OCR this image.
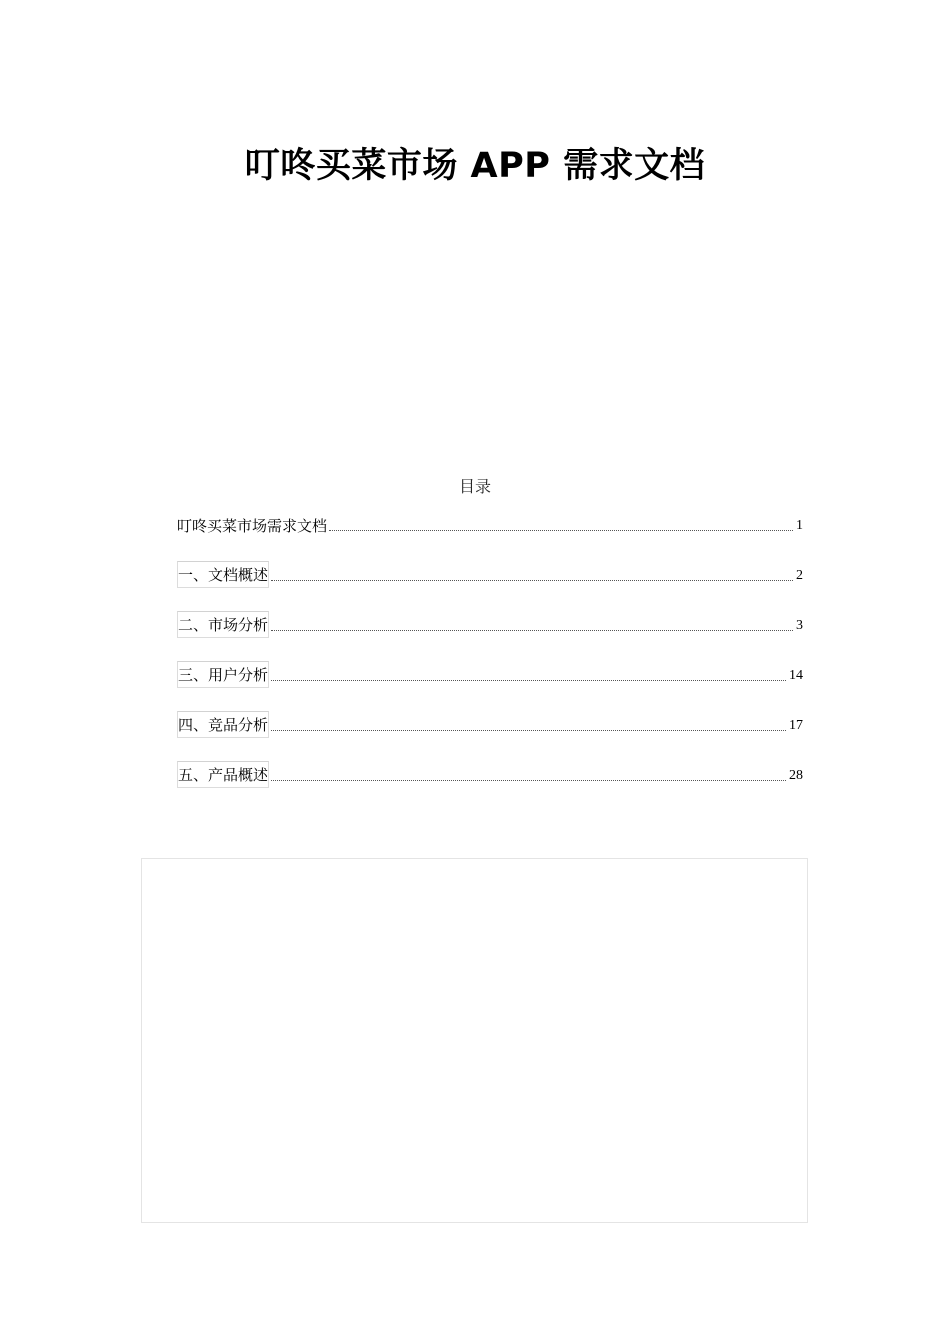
叮咚买菜市场 APP 需求文档
目录
叮咚买菜市场需求文档	1
一、文档概述	2
二、市场分析	3
三、用户分析	14
四、竞品分析	17
五、产品概述	28
